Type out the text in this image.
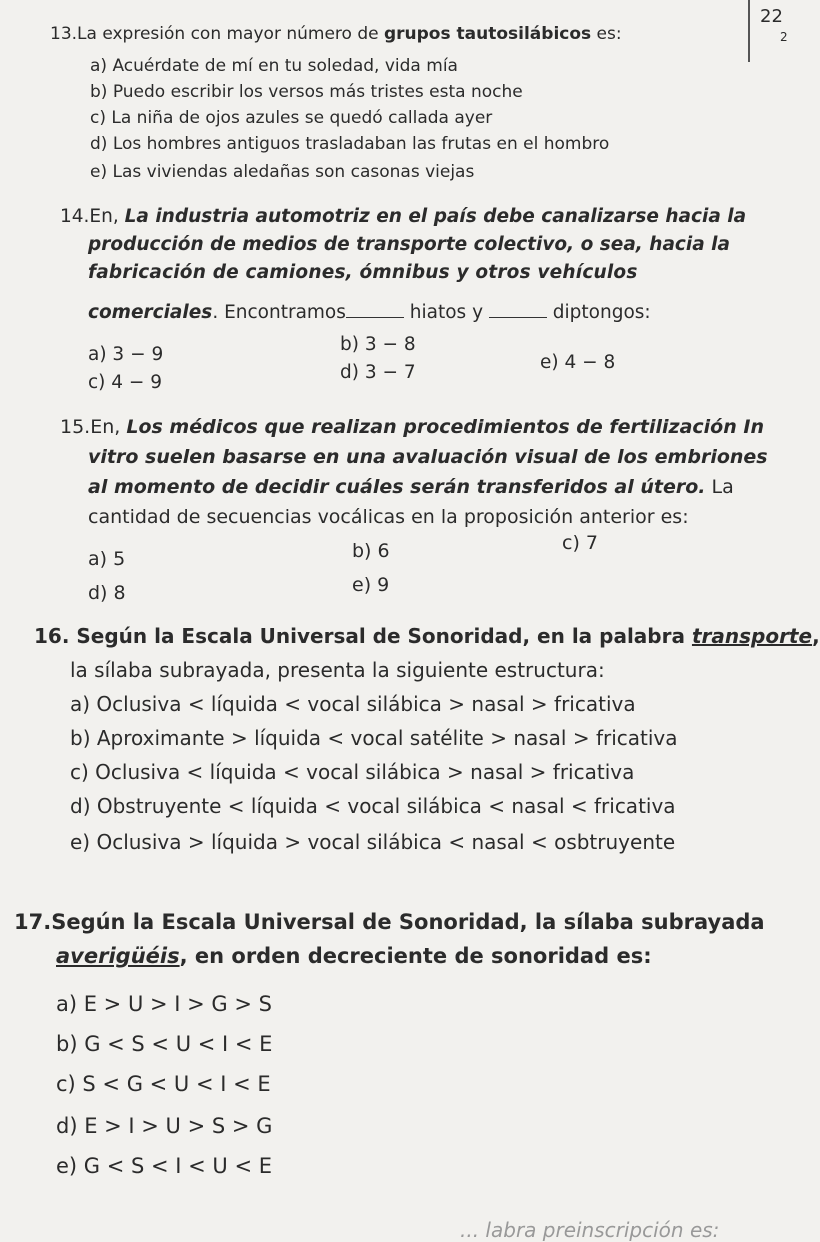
22
2
13.La expresión con mayor número de grupos tautosilábicos es:
a) Acuérdate de mí en tu soledad, vida mía
b) Puedo escribir los versos más tristes esta noche
c) La niña de ojos azules se quedó callada ayer
d) Los hombres antiguos trasladaban las frutas en el hombro
e) Las viviendas aledañas son casonas viejas
14.En, La industria automotriz en el país debe canalizarse hacia la
producción de medios de transporte colectivo, o sea, hacia la
fabricación de camiones, ómnibus y otros vehículos
comerciales. Encontramos	hiatos y	diptongos:
a) 3 − 9	b) 3 − 8
c) 4 − 9	d) 3 − 7	e) 4 − 8
15.En, Los médicos que realizan procedimientos de fertilización In
vitro suelen basarse en una avaluación visual de los embriones
al momento de decidir cuáles serán transferidos al útero. La
cantidad de secuencias vocálicas en la proposición anterior es:
a) 5	b) 6	c) 7
d) 8	e) 9
16. Según la Escala Universal de Sonoridad, en la palabra transporte,
la sílaba subrayada, presenta la siguiente estructura:
a) Oclusiva < líquida < vocal silábica > nasal > fricativa
b) Aproximante > líquida < vocal satélite > nasal > fricativa
c) Oclusiva < líquida < vocal silábica > nasal > fricativa
d) Obstruyente < líquida < vocal silábica < nasal < fricativa
e) Oclusiva > líquida > vocal silábica < nasal < osbtruyente
17.Según la Escala Universal de Sonoridad, la sílaba subrayada
averigüéis, en orden decreciente de sonoridad es:
a) E > U > I > G > S
b) G < S < U < I < E
c) S < G < U < I < E
d) E > I > U > S > G
e) G < S < I < U < E
... labra preinscripción es:
